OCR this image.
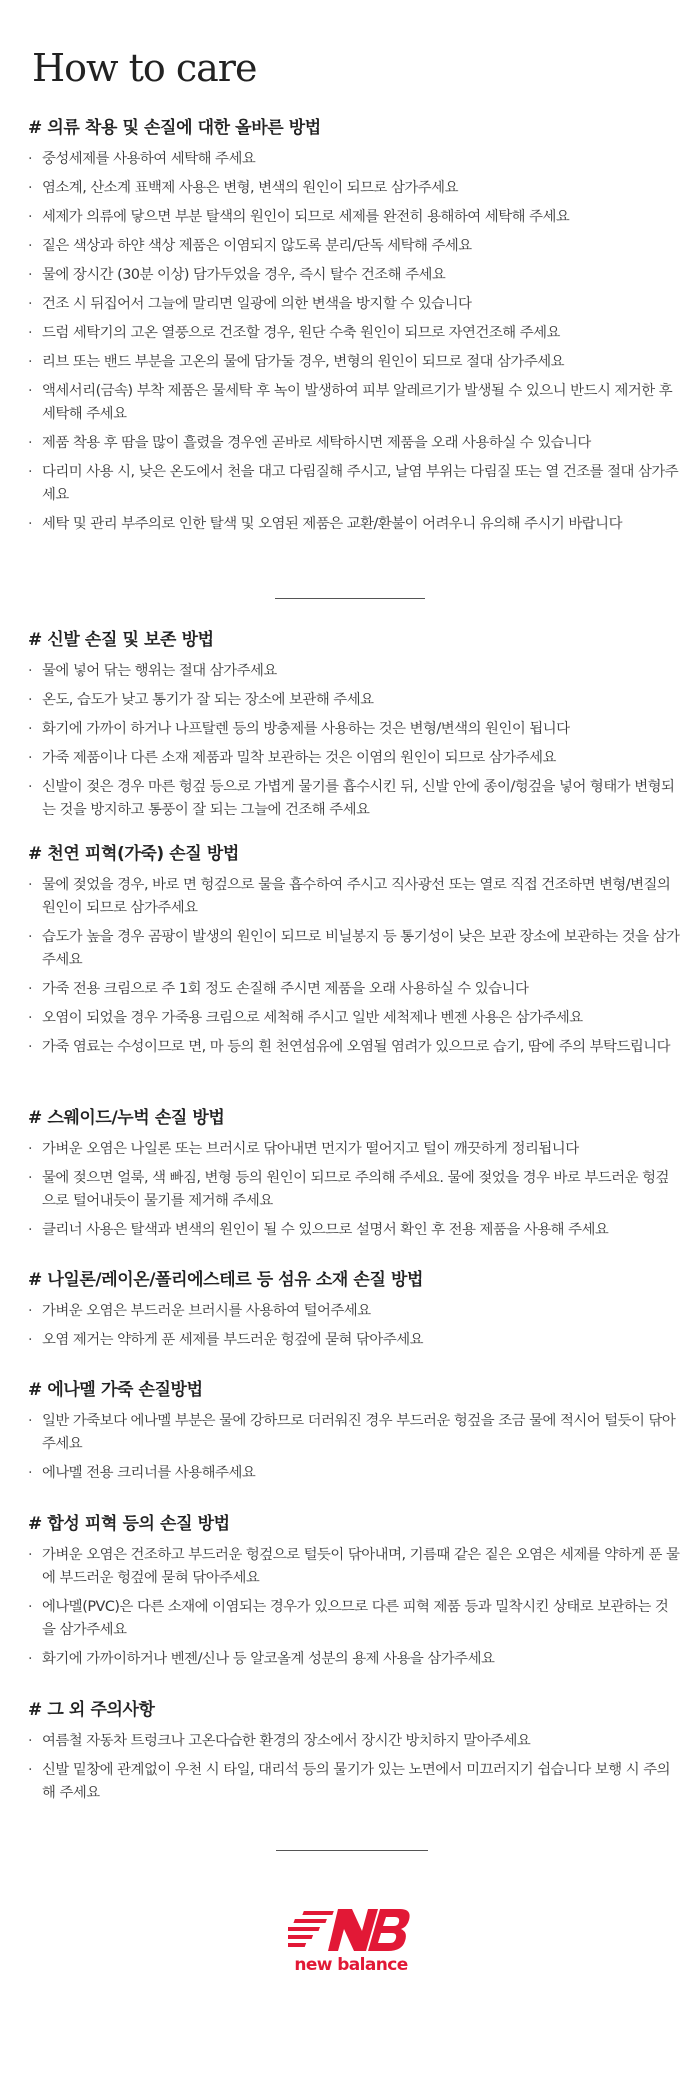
How to care
# 의류 착용 및 손질에 대한 올바른 방법
· 중성세제를 사용하여 세탁해 주세요
· 염소계, 산소계 표백제 사용은 변형, 변색의 원인이 되므로 삼가주세요
· 세제가 의류에 닿으면 부분 탈색의 원인이 되므로 세제를 완전히 용해하여 세탁해 주세요
· 짙은 색상과 하얀 색상 제품은 이염되지 않도록 분리/단독 세탁해 주세요
· 물에 장시간 (30분 이상) 담가두었을 경우, 즉시 탈수 건조해 주세요
· 건조 시 뒤집어서 그늘에 말리면 일광에 의한 변색을 방지할 수 있습니다
· 드럼 세탁기의 고온 열풍으로 건조할 경우, 원단 수축 원인이 되므로 자연건조해 주세요
· 리브 또는 밴드 부분을 고온의 물에 담가둘 경우, 변형의 원인이 되므로 절대 삼가주세요
· 액세서리(금속) 부착 제품은 물세탁 후 녹이 발생하여 피부 알레르기가 발생될 수 있으니 반드시 제거한 후 세탁해 주세요
· 제품 착용 후 땀을 많이 흘렸을 경우엔 곧바로 세탁하시면 제품을 오래 사용하실 수 있습니다
· 다리미 사용 시, 낮은 온도에서 천을 대고 다림질해 주시고, 날염 부위는 다림질 또는 열 건조를 절대 삼가주세요
· 세탁 및 관리 부주의로 인한 탈색 및 오염된 제품은 교환/환불이 어려우니 유의해 주시기 바랍니다
# 신발 손질 및 보존 방법
· 물에 넣어 닦는 행위는 절대 삼가주세요
· 온도, 습도가 낮고 통기가 잘 되는 장소에 보관해 주세요
· 화기에 가까이 하거나 나프탈렌 등의 방충제를 사용하는 것은 변형/변색의 원인이 됩니다
· 가죽 제품이나 다른 소재 제품과 밀착 보관하는 것은 이염의 원인이 되므로 삼가주세요
· 신발이 젖은 경우 마른 헝겊 등으로 가볍게 물기를 흡수시킨 뒤, 신발 안에 종이/헝겊을 넣어 형태가 변형되는 것을 방지하고 통풍이 잘 되는 그늘에 건조해 주세요
# 천연 피혁(가죽) 손질 방법
· 물에 젖었을 경우, 바로 면 헝겊으로 물을 흡수하여 주시고 직사광선 또는 열로 직접 건조하면 변형/변질의 원인이 되므로 삼가주세요
· 습도가 높을 경우 곰팡이 발생의 원인이 되므로 비닐봉지 등 통기성이 낮은 보관 장소에 보관하는 것을 삼가주세요
· 가죽 전용 크림으로 주 1회 정도 손질해 주시면 제품을 오래 사용하실 수 있습니다
· 오염이 되었을 경우 가죽용 크림으로 세척해 주시고 일반 세척제나 벤젠 사용은 삼가주세요
· 가죽 염료는 수성이므로 면, 마 등의 흰 천연섬유에 오염될 염려가 있으므로 습기, 땀에 주의 부탁드립니다
# 스웨이드/누벅 손질 방법
· 가벼운 오염은 나일론 또는 브러시로 닦아내면 먼지가 떨어지고 털이 깨끗하게 정리됩니다
· 물에 젖으면 얼룩, 색 빠짐, 변형 등의 원인이 되므로 주의해 주세요. 물에 젖었을 경우 바로 부드러운 헝겊으로 털어내듯이 물기를 제거해 주세요
· 클리너 사용은 탈색과 변색의 원인이 될 수 있으므로 설명서 확인 후 전용 제품을 사용해 주세요
# 나일론/레이온/폴리에스테르 등 섬유 소재 손질 방법
· 가벼운 오염은 부드러운 브러시를 사용하여 털어주세요
· 오염 제거는 약하게 푼 세제를 부드러운 헝겊에 묻혀 닦아주세요
# 에나멜 가죽 손질방법
· 일반 가죽보다 에나멜 부분은 물에 강하므로 더러워진 경우 부드러운 헝겊을 조금 물에 적시어 털듯이 닦아주세요
· 에나멜 전용 크리너를 사용해주세요
# 합성 피혁 등의 손질 방법
· 가벼운 오염은 건조하고 부드러운 헝겊으로 털듯이 닦아내며, 기름때 같은 짙은 오염은 세제를 약하게 푼 물에 부드러운 헝겊에 묻혀 닦아주세요
· 에나멜(PVC)은 다른 소재에 이염되는 경우가 있으므로 다른 피혁 제품 등과 밀착시킨 상태로 보관하는 것을 삼가주세요
· 화기에 가까이하거나 벤젠/신나 등 알코올계 성분의 용제 사용을 삼가주세요
# 그 외 주의사항
· 여름철 자동차 트렁크나 고온다습한 환경의 장소에서 장시간 방치하지 말아주세요
· 신발 밑창에 관계없이 우천 시 타일, 대리석 등의 물기가 있는 노면에서 미끄러지기 쉽습니다 보행 시 주의해 주세요
new balance
